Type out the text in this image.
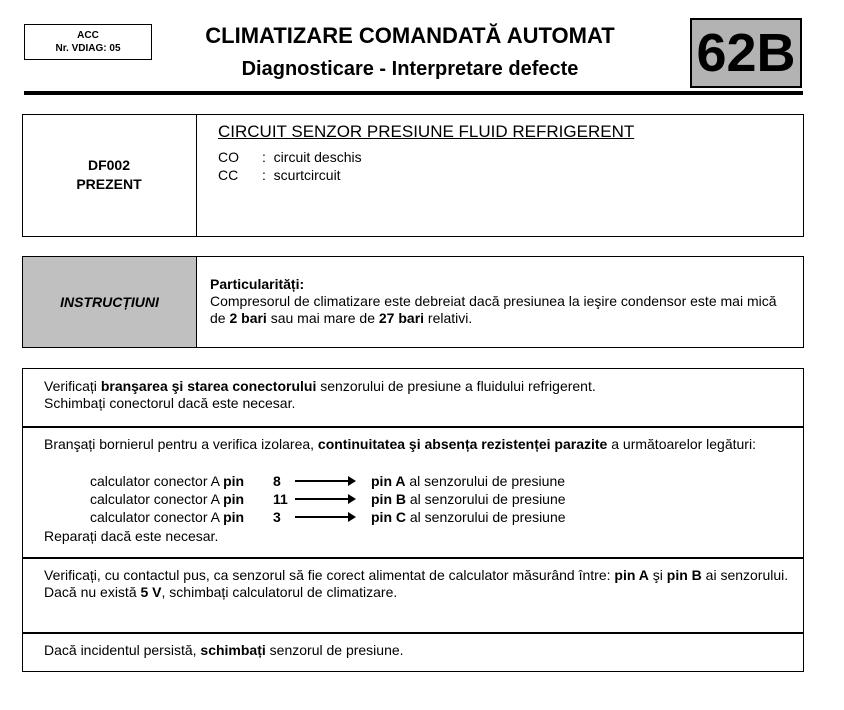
ACC
Nr. VDIAG: 05
CLIMATIZARE COMANDATĂ AUTOMAT
Diagnosticare - Interpretare defecte	62B
DF002
PREZENT
CIRCUIT SENZOR PRESIUNE FLUID REFRIGERENT
CO : circuit deschis
CC : scurtcircuit
INSTRUCȚIUNI
Particularități:
Compresorul de climatizare este debreiat dacă presiunea la ieşire condensor este mai mică de 2 bari sau mai mare de 27 bari relativi.
Verificați branşarea şi starea conectorului senzorului de presiune a fluidului refrigerent.
Schimbați conectorul dacă este necesar.
Branşați bornierul pentru a verifica izolarea, continuitatea şi absența rezistenței parazite a următoarelor legături:
calculator conector A pin 8	pin A al senzorului de presiune
calculator conector A pin 11	pin B al senzorului de presiune
calculator conector A pin 3	pin C al senzorului de presiune
Reparați dacă este necesar.
Verificați, cu contactul pus, ca senzorul să fie corect alimentat de calculator măsurând între: pin A şi pin B ai senzorului.
Dacă nu există 5 V, schimbați calculatorul de climatizare.
Dacă incidentul persistă, schimbați senzorul de presiune.
